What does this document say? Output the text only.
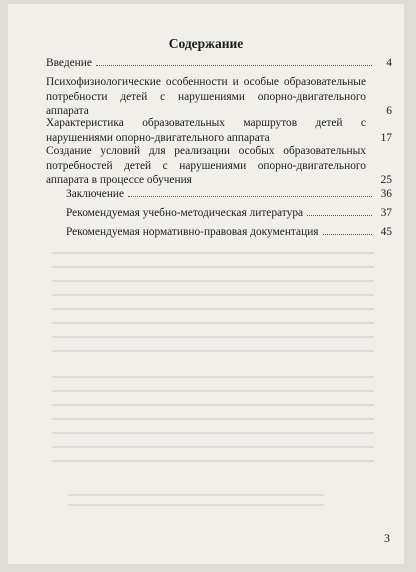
Содержание
Введение	4
Психофизиологические особенности и особые образовательные потребности детей с нарушениями опорно-двигательного аппарата	6
Характеристика образовательных маршрутов детей с нарушениями опорно-двигательного аппарата	17
Создание условий для реализации особых образовательных потребностей детей с нарушениями опорно-двигательного аппарата в процессе обучения	25
Заключение	36
Рекомендуемая учебно-методическая литература	37
Рекомендуемая нормативно-правовая документация	45
3
